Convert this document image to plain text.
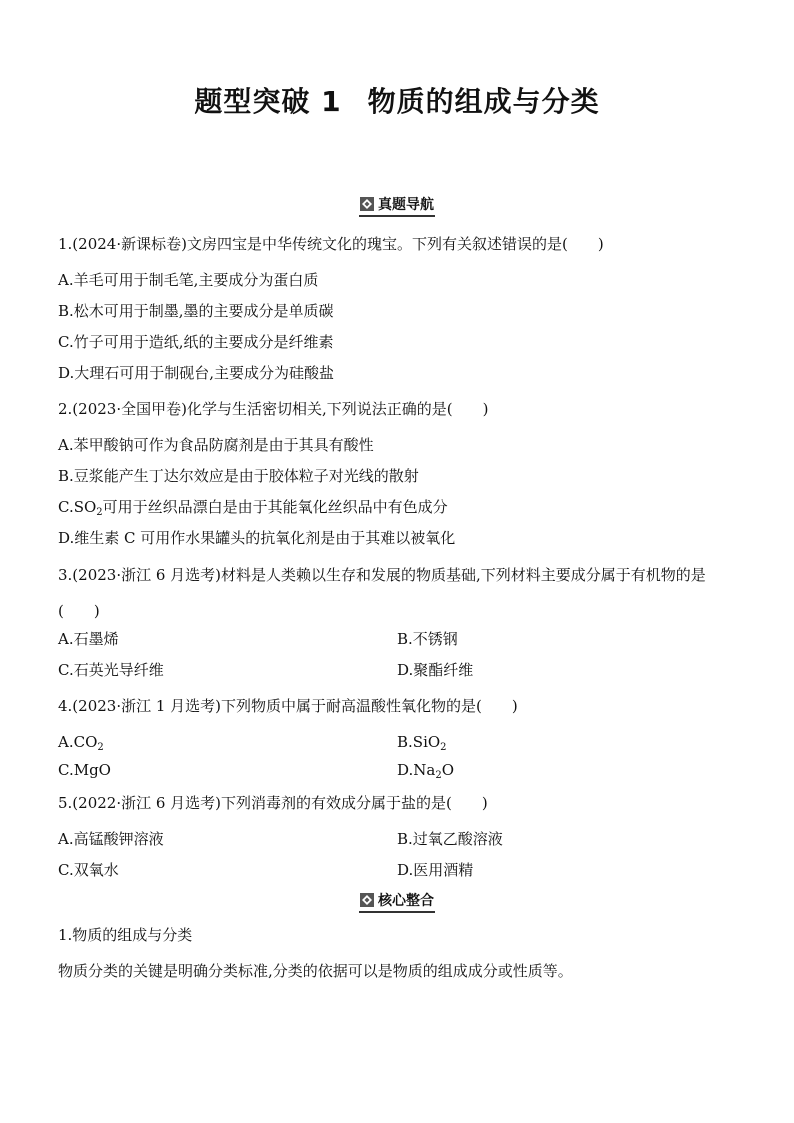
题型突破 1 物质的组成与分类
真题导航
1.(2024·新课标卷)文房四宝是中华传统文化的瑰宝。下列有关叙述错误的是(　　)
A.羊毛可用于制毛笔,主要成分为蛋白质
B.松木可用于制墨,墨的主要成分是单质碳
C.竹子可用于造纸,纸的主要成分是纤维素
D.大理石可用于制砚台,主要成分为硅酸盐
2.(2023·全国甲卷)化学与生活密切相关,下列说法正确的是(　　)
A.苯甲酸钠可作为食品防腐剂是由于其具有酸性
B.豆浆能产生丁达尔效应是由于胶体粒子对光线的散射
$C.SO_2$可用于丝织品漂白是由于其能氧化丝织品中有色成分
D.维生素 C 可用作水果罐头的抗氧化剂是由于其难以被氧化
3.(2023·浙江 6 月选考)材料是人类赖以生存和发展的物质基础,下列材料主要成分属于有机物的是
(　　)
A.石墨烯	B.不锈钢
C.石英光导纤维	D.聚酯纤维
4.(2023·浙江 1 月选考)下列物质中属于耐高温酸性氧化物的是(　　)
$A.CO_2$	B.SiO$_2$
C.MgO	$D.Na_2O$
5.(2022·浙江 6 月选考)下列消毒剂的有效成分属于盐的是(　　)
A.高锰酸钾溶液	B.过氧乙酸溶液
C.双氧水	D.医用酒精
核心整合
1.物质的组成与分类
物质分类的关键是明确分类标准,分类的依据可以是物质的组成成分或性质等。
